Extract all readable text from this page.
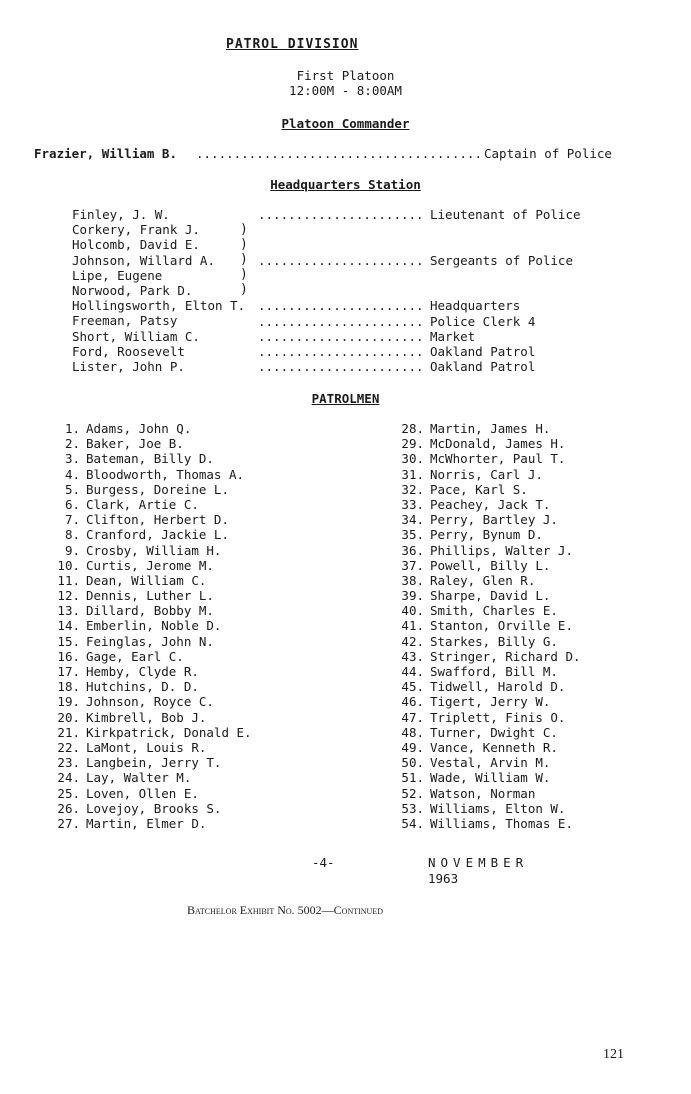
PATROL DIVISION
First Platoon
12:00M - 8:00AM
Platoon Commander
Frazier, William B.
.....	Captain of Police
Headquarters Station
Finley, J. W.
Corkery, Frank J.
Holcomb, David E.
Johnson, Willard A.
Lipe, Eugene
Norwood, Park D.
Hollingsworth, Elton T.
Freeman, Patsy
Short, William C.
Ford, Roosevelt
Lister, John P.
)
)
)
)
)
.....
Lieutenant of Police
.....
Sergeants of Police
.....
Headquarters
.....
Police Clerk 4
.....
Market
.....
Oakland Patrol
.....
Oakland Patrol
PATROLMEN
1. Adams, John Q.
2. Baker, Joe B.
3. Bateman, Billy D.
4. Bloodworth, Thomas A.
5. Burgess, Doreine L.
6. Clark, Artie C.
7. Clifton, Herbert D.
8. Cranford, Jackie L.
9. Crosby, William H.
10. Curtis, Jerome M.
11. Dean, William C.
12. Dennis, Luther L.
13. Dillard, Bobby M.
14. Emberlin, Noble D.
15. Feinglas, John N.
16. Gage, Earl C.
17. Hemby, Clyde R.
18. Hutchins, D. D.
19. Johnson, Royce C.
20. Kimbrell, Bob J.
21. Kirkpatrick, Donald E.
22. LaMont, Louis R.
23. Langbein, Jerry T.
24. Lay, Walter M.
25. Loven, Ollen E.
26. Lovejoy, Brooks S.
27. Martin, Elmer D.
28. Martin, James H.
29. McDonald, James H.
30. McWhorter, Paul T.
31. Norris, Carl J.
32. Pace, Karl S.
33. Peachey, Jack T.
34. Perry, Bartley J.
35. Perry, Bynum D.
36. Phillips, Walter J.
37. Powell, Billy L.
38. Raley, Glen R.
39. Sharpe, David L.
40. Smith, Charles E.
41. Stanton, Orville E.
42. Starkes, Billy G.
43. Stringer, Richard D.
44. Swafford, Bill M.
45. Tidwell, Harold D.
46. Tigert, Jerry W.
47. Triplett, Finis O.
48. Turner, Dwight C.
49. Vance, Kenneth R.
50. Vestal, Arvin M.
51. Wade, William W.
52. Watson, Norman
53. Williams, Elton W.
54. Williams, Thomas E.
-4-	NOVEMBER
1963
Batchelor Exhibit No. 5002—Continued
121
